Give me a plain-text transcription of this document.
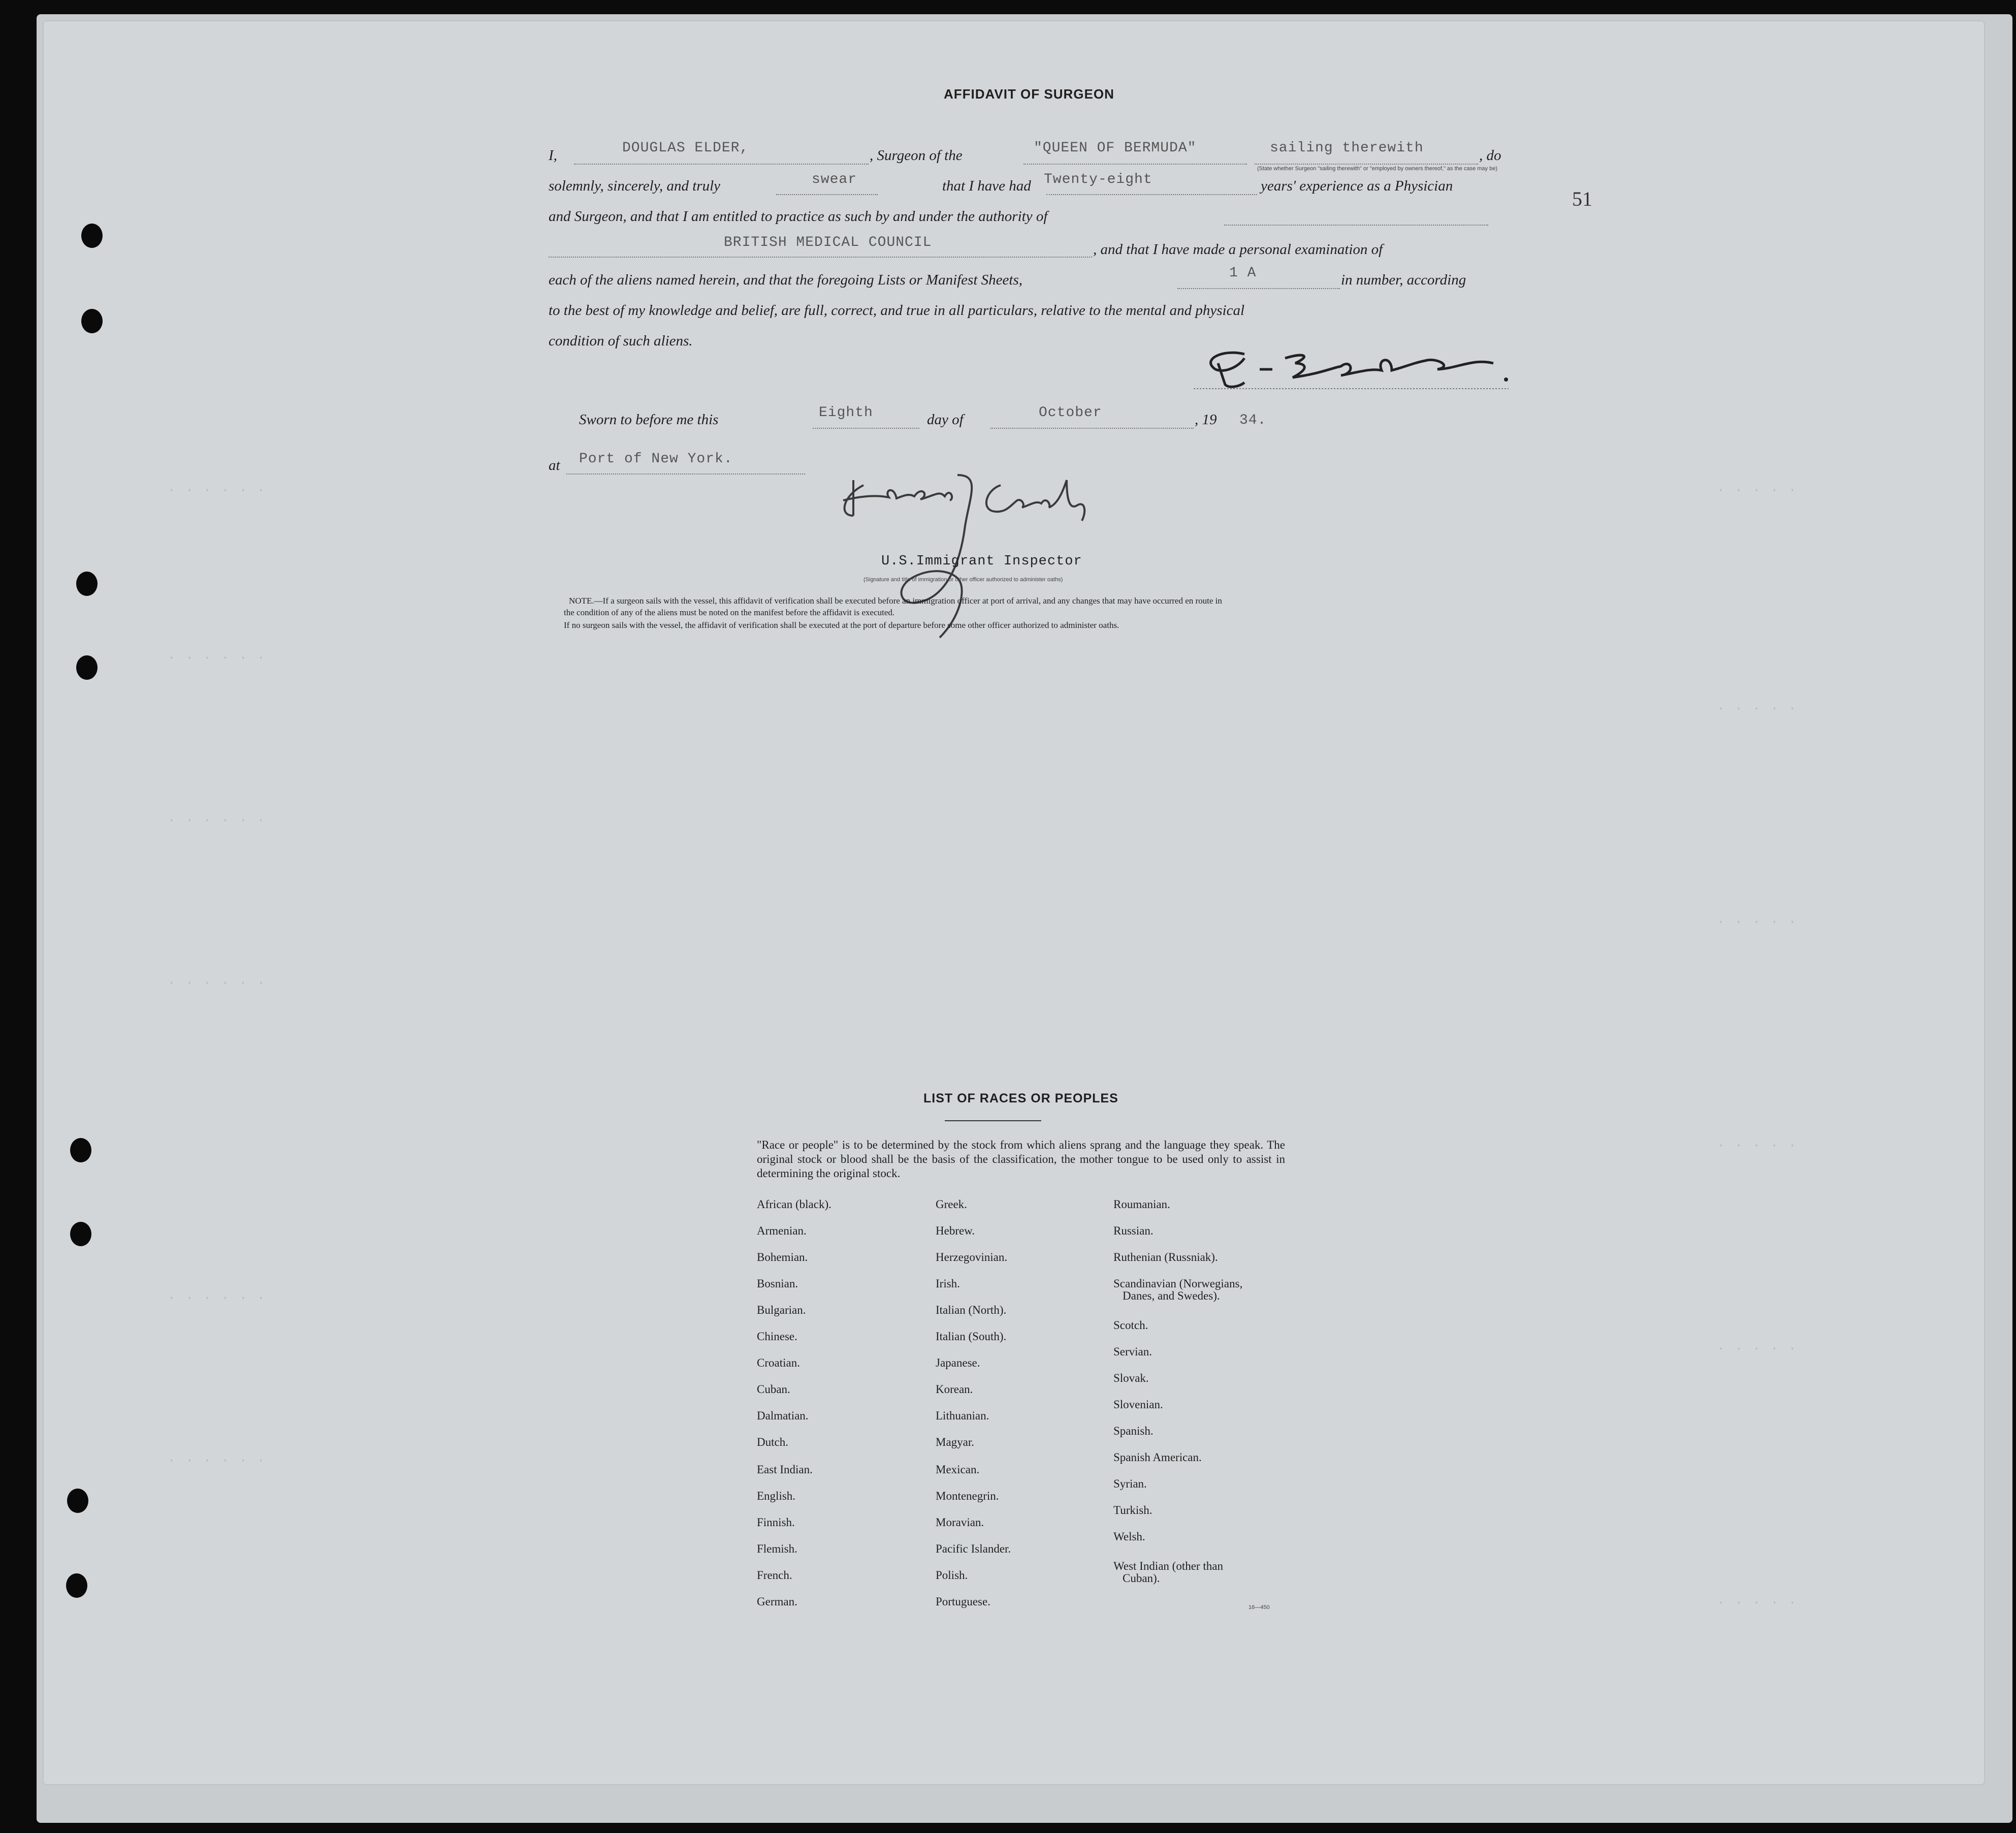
· · · · · ·
· · · · · ·
· · · · · ·
· · · · · ·
· · · · · ·
· · · · · ·
· · · · ·
· · · · ·
· · · · ·
· · · · ·
· · · · ·
· · · · ·
51
AFFIDAVIT OF SURGEON
I,	DOUGLAS ELDER,	, Surgeon of the	"QUEEN OF BERMUDA"	sailing therewith
(State whether Surgeon "sailing therewith" or "employed by owners thereof," as the case may be)
, do
solemnly, sincerely, and truly	swear	that I have had Twenty-eight	years' experience as a Physician
and Surgeon, and that I am entitled to practice as such by and under the authority of
BRITISH MEDICAL COUNCIL	, and that I have made a personal examination of
each of the aliens named herein, and that the foregoing Lists or Manifest Sheets,	1 A	in number, according
to the best of my knowledge and belief, are full, correct, and true in all particulars, relative to the mental and physical
condition of such aliens.
Sworn to before me this	Eighth	day of	October	, 19 34.
at Port of New York.
U.S.Immigrant Inspector
(Signature and title of immigration or other officer authorized to administer oaths)
NOTE.—If a surgeon sails with the vessel, this affidavit of verification shall be executed before an immigration officer at port of arrival, and any changes that may have occurred en route in
the condition of any of the aliens must be noted on the manifest before the affidavit is executed.
If no surgeon sails with the vessel, the affidavit of verification shall be executed at the port of departure before some other officer authorized to administer oaths.
LIST OF RACES OR PEOPLES
"Race or people" is to be determined by the stock from which aliens sprang and the language they speak. The original stock or blood shall be the basis of the classification, the mother tongue to be used only to assist in determining the original stock.
African (black).
Armenian.
Bohemian.
Bosnian.
Bulgarian.
Chinese.
Croatian.
Cuban.
Dalmatian.
Dutch.
East Indian.
English.
Finnish.
Flemish.
French.
German.
Greek.
Hebrew.
Herzegovinian.
Irish.
Italian (North).
Italian (South).
Japanese.
Korean.
Lithuanian.
Magyar.
Mexican.
Montenegrin.
Moravian.
Pacific Islander.
Polish.
Portuguese.
Roumanian.
Russian.
Ruthenian (Russniak).
Scandinavian (Norwegians,
Danes, and Swedes).
Scotch.
Servian.
Slovak.
Slovenian.
Spanish.
Spanish American.
Syrian.
Turkish.
Welsh.
West Indian (other than
Cuban).
16—450
